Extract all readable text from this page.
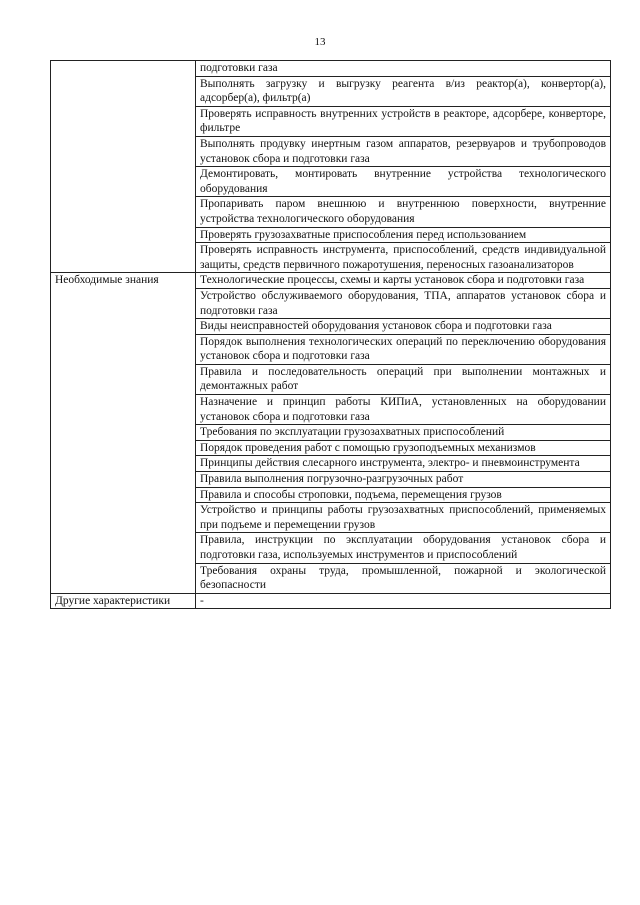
13
	подготовки газа
	Выполнять загрузку и выгрузку реагента в/из реактор(а), конвертор(а), адсорбер(а), фильтр(а)
	Проверять исправность внутренних устройств в реакторе, адсорбере, конверторе, фильтре
	Выполнять продувку инертным газом аппаратов, резервуаров и трубопроводов установок сбора и подготовки газа
	Демонтировать, монтировать внутренние устройства технологического оборудования
	Пропаривать паром внешнюю и внутреннюю поверхности, внутренние устройства технологического оборудования
	Проверять грузозахватные приспособления перед использованием
	Проверять исправность инструмента, приспособлений, средств индивидуальной защиты, средств первичного пожаротушения, переносных газоанализаторов
Необходимые знания	Технологические процессы, схемы и карты установок сбора и подготовки газа
	Устройство обслуживаемого оборудования, ТПА, аппаратов установок сбора и подготовки газа
	Виды неисправностей оборудования установок сбора и подготовки газа
	Порядок выполнения технологических операций по переключению оборудования установок сбора и подготовки газа
	Правила и последовательность операций при выполнении монтажных и демонтажных работ
	Назначение и принцип работы КИПиА, установленных на оборудовании установок сбора и подготовки газа
	Требования по эксплуатации грузозахватных приспособлений
	Порядок проведения работ с помощью грузоподъемных механизмов
	Принципы действия слесарного инструмента, электро- и пневмоинструмента
	Правила выполнения погрузочно-разгрузочных работ
	Правила и способы строповки, подъема, перемещения грузов
	Устройство и принципы работы грузозахватных приспособлений, применяемых при подъеме и перемещении грузов
	Правила, инструкции по эксплуатации оборудования установок сбора и подготовки газа, используемых инструментов и приспособлений
	Требования охраны труда, промышленной, пожарной и экологической безопасности
Другие характеристики	-
